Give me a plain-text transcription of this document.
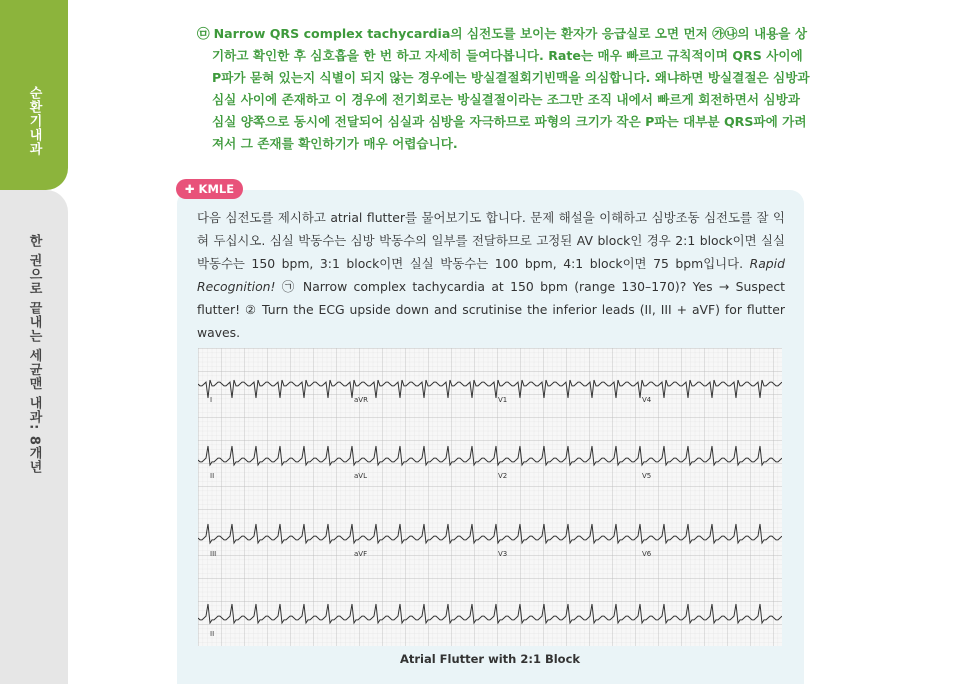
순환기내과
한 권으로 끝내는 세균맨 내과: 8개년
㉤ Narrow QRS complex tachycardia의 심전도를 보이는 환자가 응급실로 오면 먼저 ㉮㉯의 내용을 상기하고 확인한 후 심호흡을 한 번 하고 자세히 들여다봅니다. Rate는 매우 빠르고 규칙적이며 QRS 사이에 P파가 묻혀 있는지 식별이 되지 않는 경우에는 방실결절회기빈맥을 의심합니다. 왜냐하면 방실결절은 심방과 심실 사이에 존재하고 이 경우에 전기회로는 방실결절이라는 조그만 조직 내에서 빠르게 회전하면서 심방과 심실 양쪽으로 동시에 전달되어 심실과 심방을 자극하므로 파형의 크기가 작은 P파는 대부분 QRS파에 가려져서 그 존재를 확인하기가 매우 어렵습니다.
✚ KMLE
다음 심전도를 제시하고 atrial flutter를 물어보기도 합니다. 문제 해설을 이해하고 심방조동 심전도를 잘 익혀 두십시오. 심실 박동수는 심방 박동수의 일부를 전달하므로 고정된 AV block인 경우 2:1 block이면 실실 박동수는 150 bpm, 3:1 block이면 실실 박동수는 100 bpm, 4:1 block이면 75 bpm입니다. Rapid Recognition! ㉠ Narrow complex tachycardia at 150 bpm (range 130–170)? Yes → Suspect flutter! ② Turn the ECG upside down and scrutinise the inferior leads (II, III + aVF) for flutter waves.
I	aVR	V1	V4
II	aVL	V2	V5
III	aVF	V3	V6
II
Atrial Flutter with 2:1 Block
